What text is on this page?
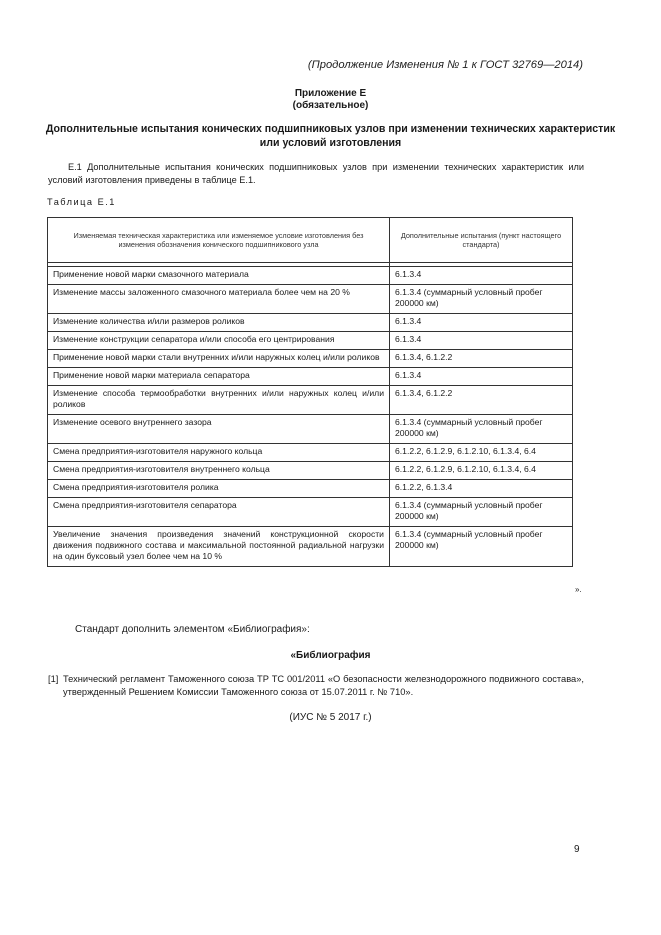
(Продолжение Изменения № 1 к ГОСТ 32769—2014)
Приложение Е
(обязательное)
Дополнительные испытания конических подшипниковых узлов при изменении технических характеристик или условий изготовления
Е.1 Дополнительные испытания конических подшипниковых узлов при изменении технических характеристик или условий изготовления приведены в таблице Е.1.
Таблица Е.1
Изменяемая техническая характеристика или изменяемое условие изготовления без изменения обозначения конического подшипникового узла	Дополнительные испытания (пункт настоящего стандарта)

Применение новой марки смазочного материала	6.1.3.4
Изменение массы заложенного смазочного материала более чем на 20 %	6.1.3.4 (суммарный условный пробег 200000 км)
Изменение количества и/или размеров роликов	6.1.3.4
Изменение конструкции сепаратора и/или способа его центрирования	6.1.3.4
Применение новой марки стали внутренних и/или наружных колец и/или роликов	6.1.3.4, 6.1.2.2
Применение новой марки материала сепаратора	6.1.3.4
Изменение способа термообработки внутренних и/или наружных колец и/или роликов	6.1.3.4, 6.1.2.2
Изменение осевого внутреннего зазора	6.1.3.4 (суммарный условный пробег 200000 км)
Смена предприятия-изготовителя наружного кольца	6.1.2.2, 6.1.2.9, 6.1.2.10, 6.1.3.4, 6.4
Смена предприятия-изготовителя внутреннего кольца	6.1.2.2, 6.1.2.9, 6.1.2.10, 6.1.3.4, 6.4
Смена предприятия-изготовителя ролика	6.1.2.2, 6.1.3.4
Смена предприятия-изготовителя сепаратора	6.1.3.4 (суммарный условный пробег 200000 км)
Увеличение значения произведения значений конструкционной скорости движения подвижного состава и максимальной постоянной радиальной нагрузки на один буксовый узел более чем на 10 %	6.1.3.4 (суммарный условный пробег 200000 км)
».
Стандарт дополнить элементом «Библиография»:
«Библиография
[1] Технический регламент Таможенного союза ТР ТС 001/2011 «О безопасности железнодорожного подвижного состава», утвержденный Решением Комиссии Таможенного союза от 15.07.2011 г. № 710».
(ИУС № 5 2017 г.)
9
